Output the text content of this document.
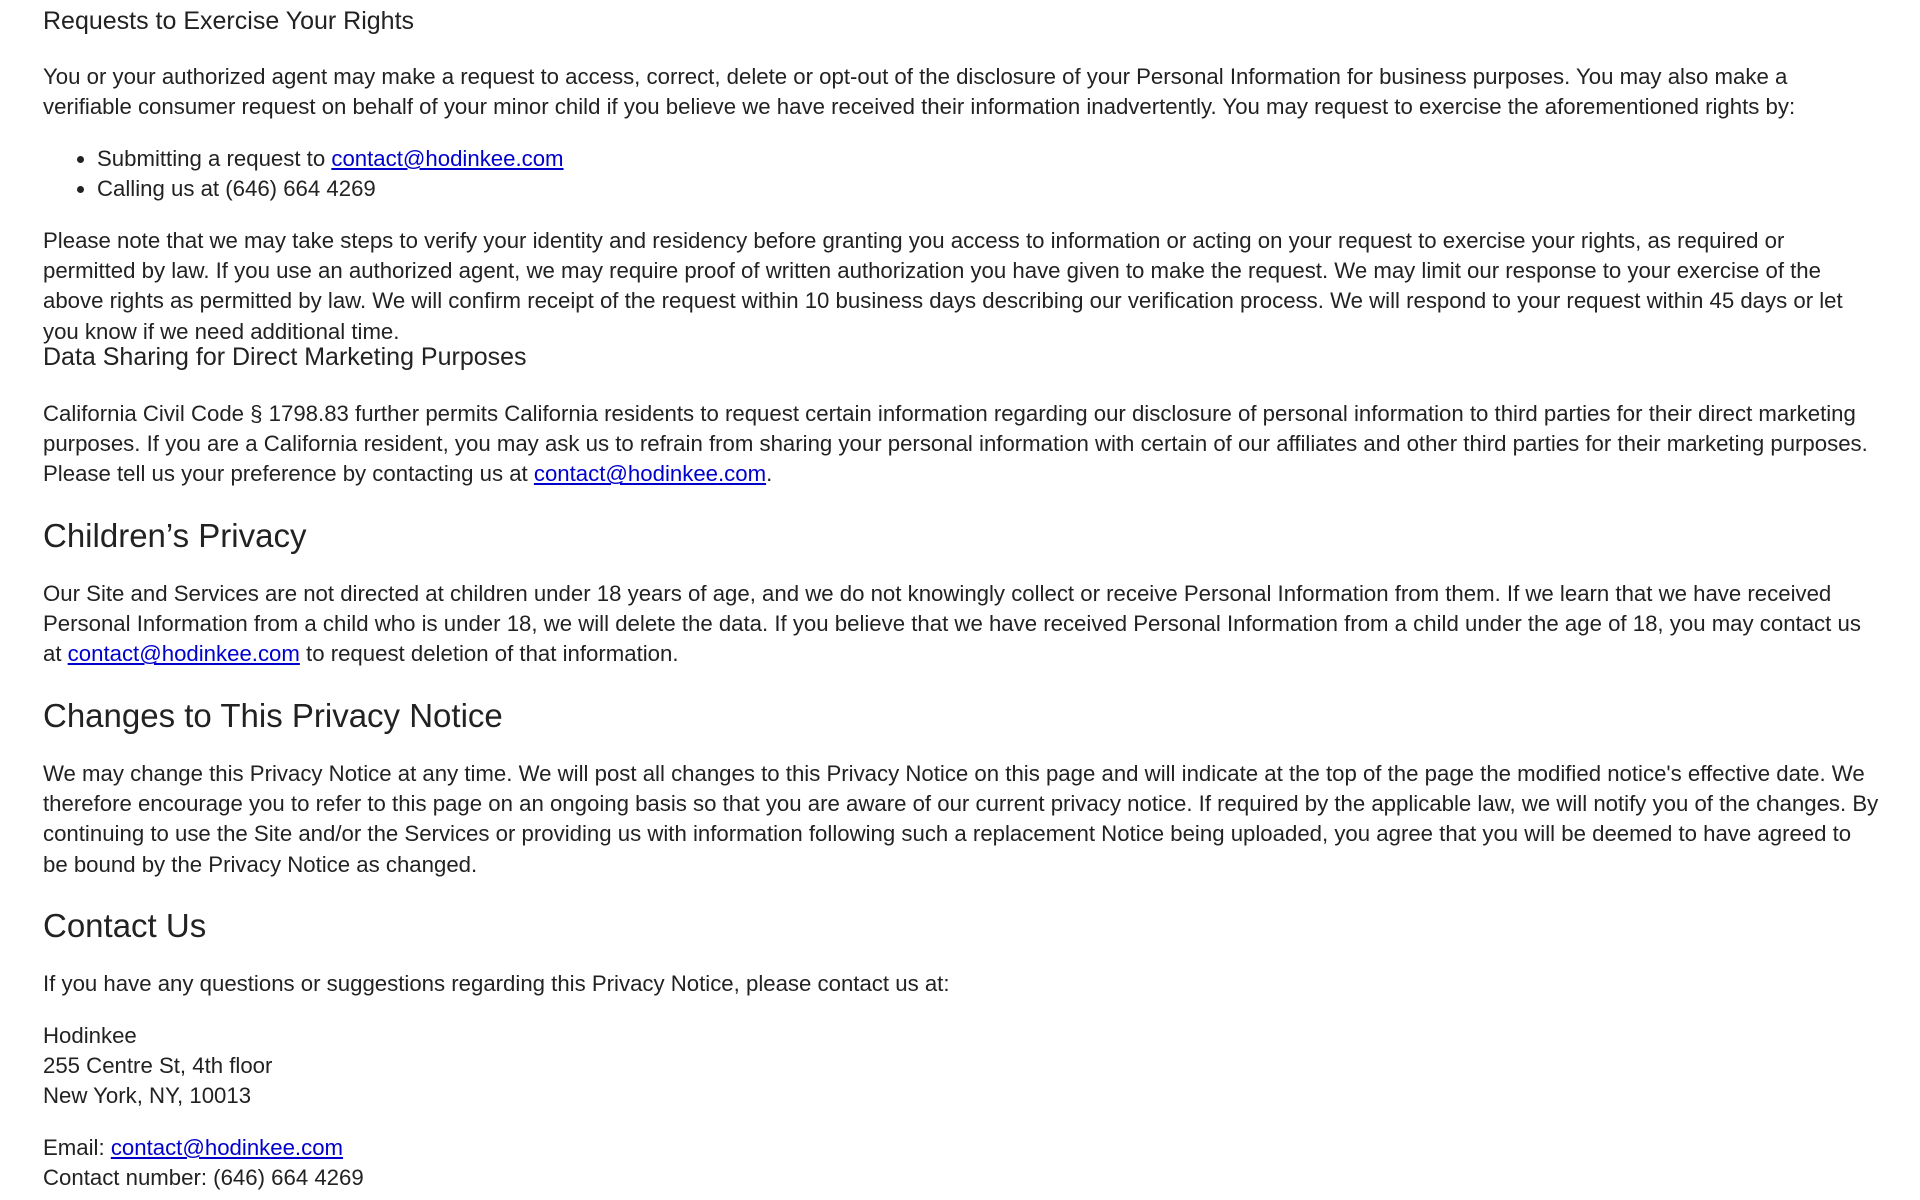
Requests to Exercise Your Rights

You or your authorized agent may make a request to access, correct, delete or opt-out of the disclosure of your Personal Information for business purposes. You may also make a verifiable consumer request on behalf of your minor child if you believe we have received their information inadvertently. You may request to exercise the aforementioned rights by:

• Submitting a request to contact@hodinkee.com
• Calling us at (646) 664 4269

Please note that we may take steps to verify your identity and residency before granting you access to information or acting on your request to exercise your rights, as required or permitted by law. If you use an authorized agent, we may require proof of written authorization you have given to make the request. We may limit our response to your exercise of the above rights as permitted by law. We will confirm receipt of the request within 10 business days describing our verification process. We will respond to your request within 45 days or let you know if we need additional time.

Data Sharing for Direct Marketing Purposes

California Civil Code § 1798.83 further permits California residents to request certain information regarding our disclosure of personal information to third parties for their direct marketing purposes. If you are a California resident, you may ask us to refrain from sharing your personal information with certain of our affiliates and other third parties for their marketing purposes. Please tell us your preference by contacting us at contact@hodinkee.com.

Children’s Privacy

Our Site and Services are not directed at children under 18 years of age, and we do not knowingly collect or receive Personal Information from them. If we learn that we have received Personal Information from a child who is under 18, we will delete the data. If you believe that we have received Personal Information from a child under the age of 18, you may contact us at contact@hodinkee.com to request deletion of that information.

Changes to This Privacy Notice

We may change this Privacy Notice at any time. We will post all changes to this Privacy Notice on this page and will indicate at the top of the page the modified notice's effective date. We therefore encourage you to refer to this page on an ongoing basis so that you are aware of our current privacy notice. If required by the applicable law, we will notify you of the changes. By continuing to use the Site and/or the Services or providing us with information following such a replacement Notice being uploaded, you agree that you will be deemed to have agreed to be bound by the Privacy Notice as changed.

Contact Us

If you have any questions or suggestions regarding this Privacy Notice, please contact us at:

Hodinkee
255 Centre St, 4th floor
New York, NY, 10013
Email: contact@hodinkee.com
Contact number: (646) 664 4269
